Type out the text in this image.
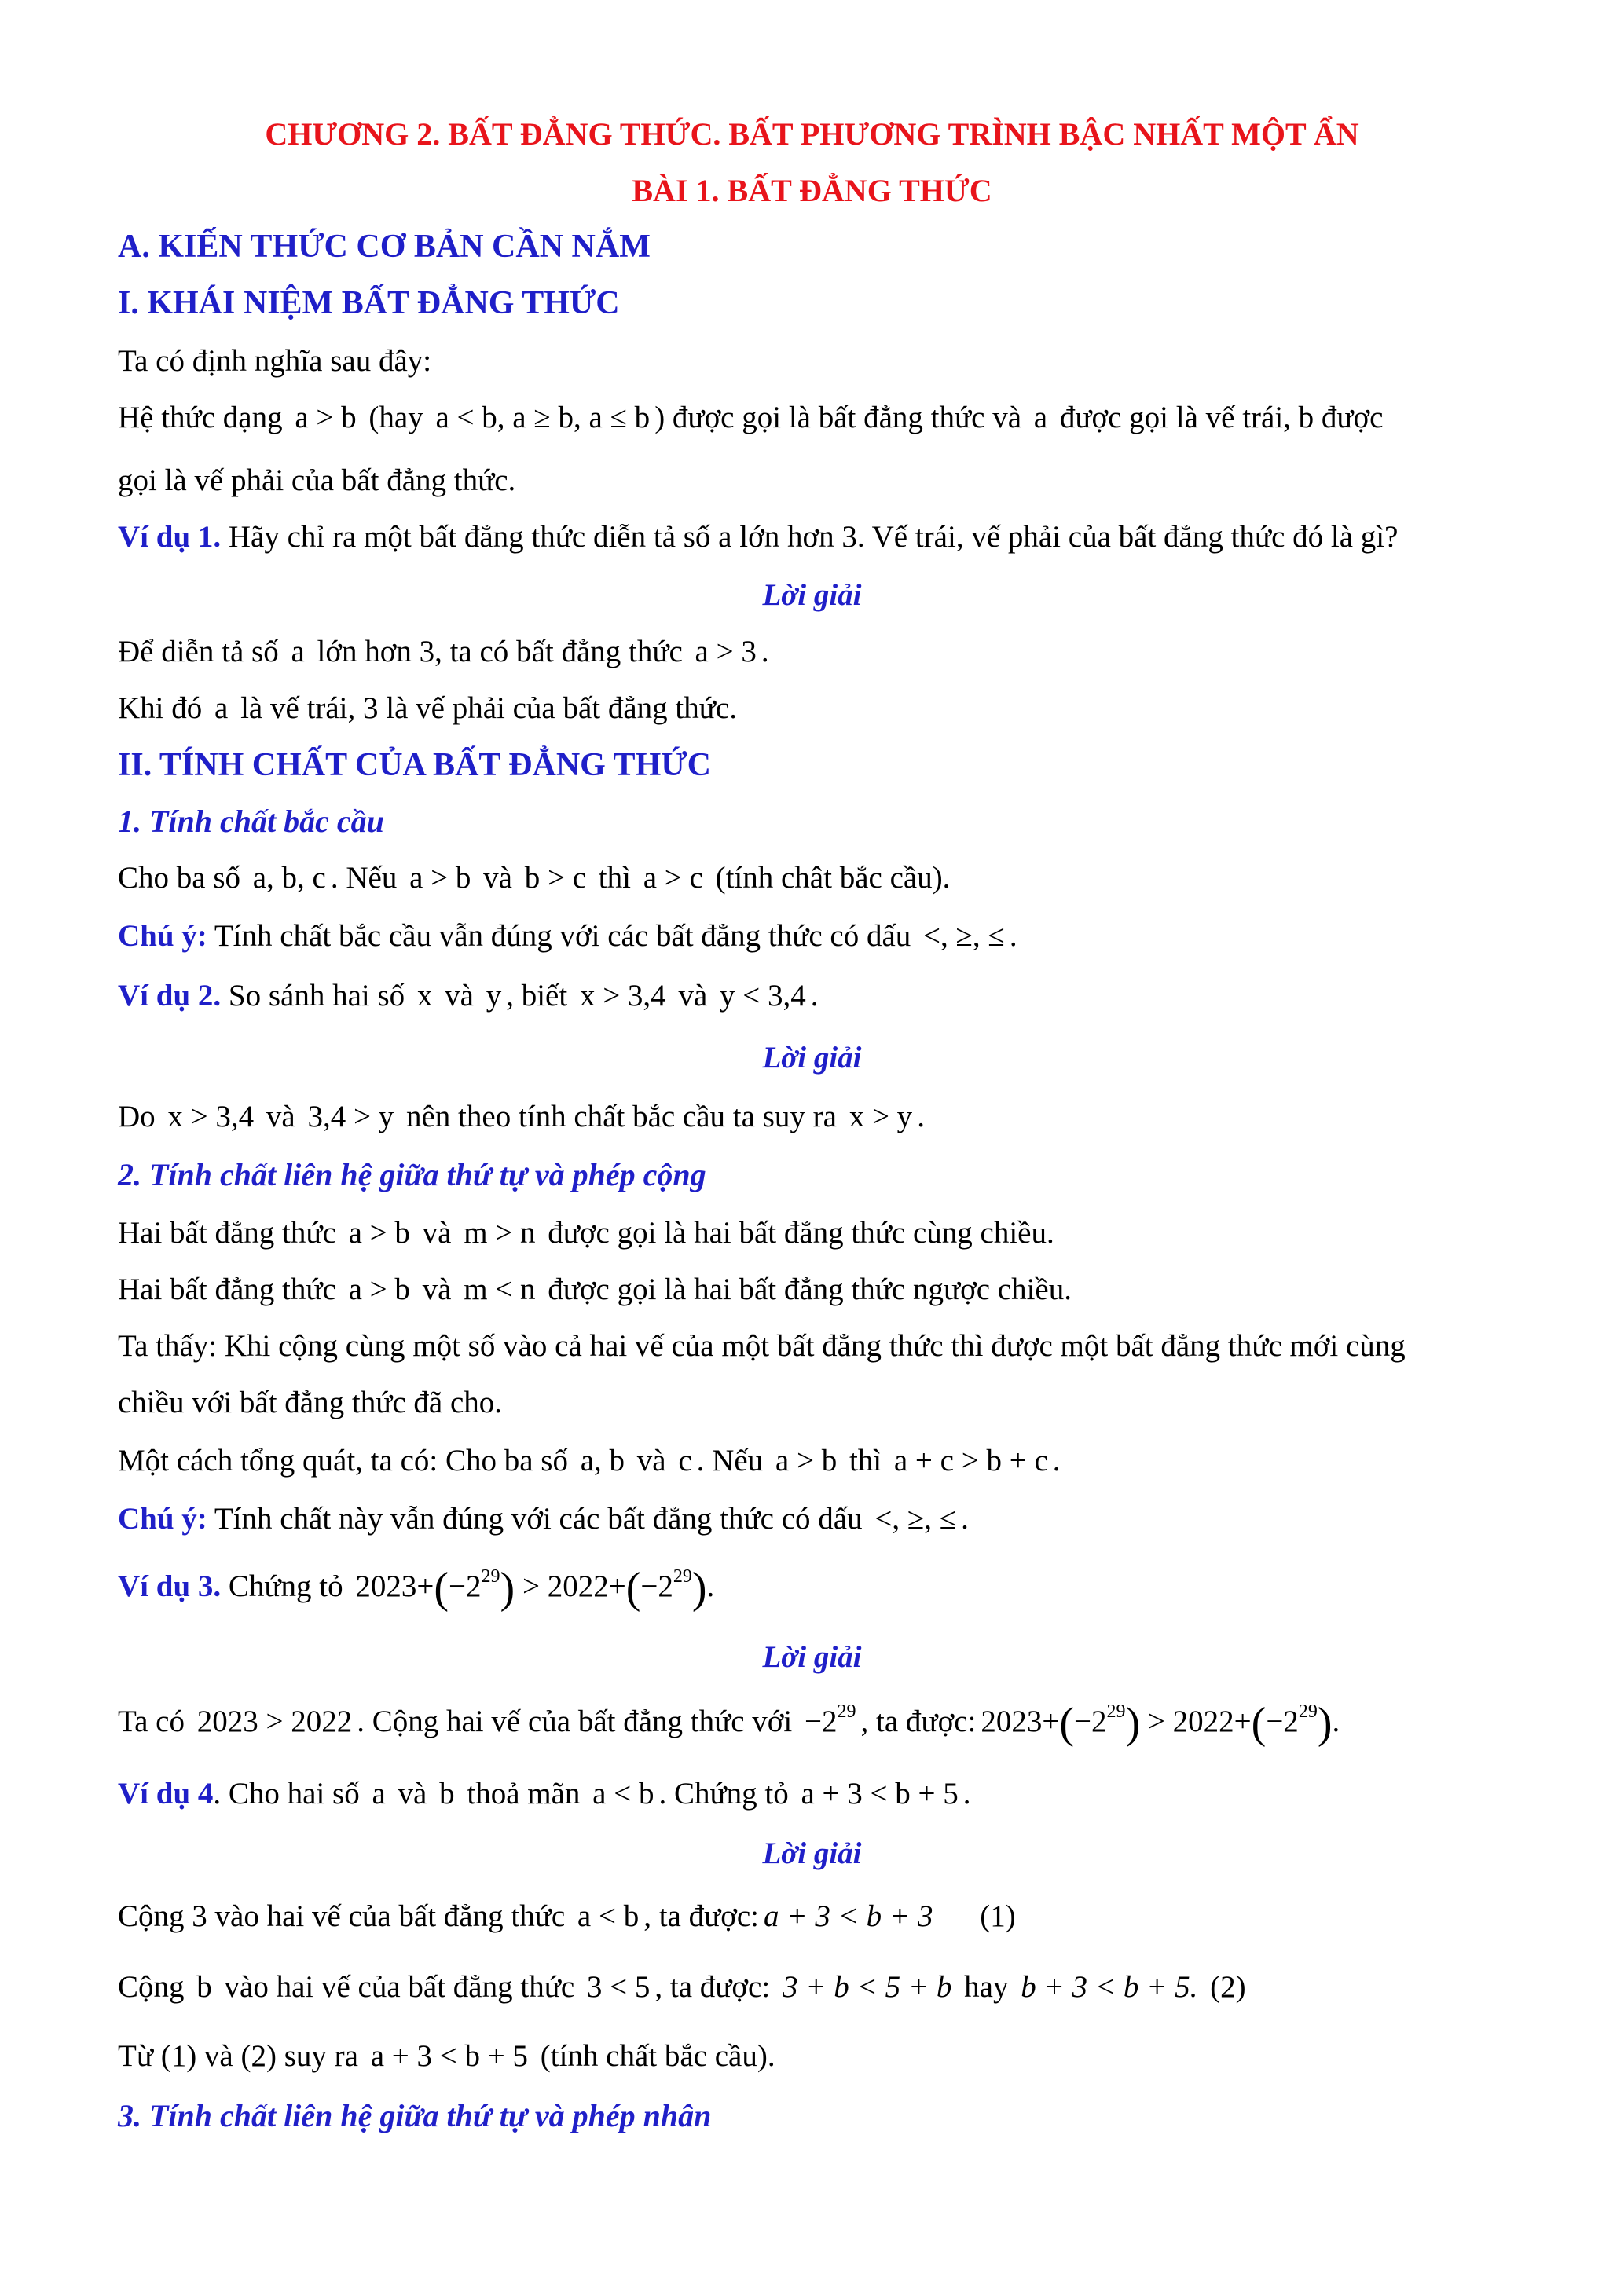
CHƯƠNG 2. BẤT ĐẲNG THỨC. BẤT PHƯƠNG TRÌNH BẬC NHẤT MỘT ẨN
BÀI 1. BẤT ĐẲNG THỨC
A. KIẾN THỨC CƠ BẢN CẦN NẮM
I. KHÁI NIỆM BẤT ĐẲNG THỨC
Ta có định nghĩa sau đây:
Hệ thức dạng a > b (hay a < b, a ≥ b, a ≤ b ) được gọi là bất đẳng thức và a được gọi là vế trái, b được
gọi là vế phải của bất đẳng thức.
Ví dụ 1. Hãy chỉ ra một bất đẳng thức diễn tả số a lớn hơn 3. Vế trái, vế phải của bất đẳng thức đó là gì?
Lời giải
Để diễn tả số a lớn hơn 3, ta có bất đẳng thức a > 3 .
Khi đó a là vế trái, 3 là vế phải của bất đẳng thức.
II. TÍNH CHẤT CỦA BẤT ĐẲNG THỨC
1. Tính chất bắc cầu
Cho ba số a, b, c . Nếu a > b và b > c thì a > c (tính chât bắc cầu).
Chú ý: Tính chất bắc cầu vẫn đúng với các bất đẳng thức có dấu <, ≥, ≤ .
Ví dụ 2. So sánh hai số x và y , biết x > 3,4 và y < 3,4 .
Lời giải
Do x > 3,4 và 3,4 > y nên theo tính chất bắc cầu ta suy ra x > y .
2. Tính chất liên hệ giữa thứ tự và phép cộng
Hai bất đẳng thức a > b và m > n được gọi là hai bất đẳng thức cùng chiều.
Hai bất đẳng thức a > b và m < n được gọi là hai bất đẳng thức ngược chiều.
Ta thấy: Khi cộng cùng một số vào cả hai vế của một bất đẳng thức thì được một bất đẳng thức mới cùng
chiều với bất đẳng thức đã cho.
Một cách tổng quát, ta có: Cho ba số a, b và c . Nếu a > b thì a + c > b + c .
Chú ý: Tính chất này vẫn đúng với các bất đẳng thức có dấu <, ≥, ≤ .
Ví dụ 3. Chứng tỏ $2023+(-2^{29}) > 2022+(-2^{29})$.
Lời giải
Ta có 2023 > 2022 . Cộng hai vế của bất đẳng thức với $-2^{29}$ , ta được: $2023+(-2^{29}) > 2022+(-2^{29})$.
Ví dụ 4. Cho hai số a và b thoả mãn a < b . Chứng tỏ a + 3 < b + 5 .
Lời giải
Cộng 3 vào hai vế của bất đẳng thức a < b , ta được: a + 3 < b + 3 (1)
Cộng b vào hai vế của bất đẳng thức 3 < 5 , ta được: 3 + b < 5 + b hay b + 3 < b + 5. (2)
Từ (1) và (2) suy ra a + 3 < b + 5 (tính chất bắc cầu).
3. Tính chất liên hệ giữa thứ tự và phép nhân
